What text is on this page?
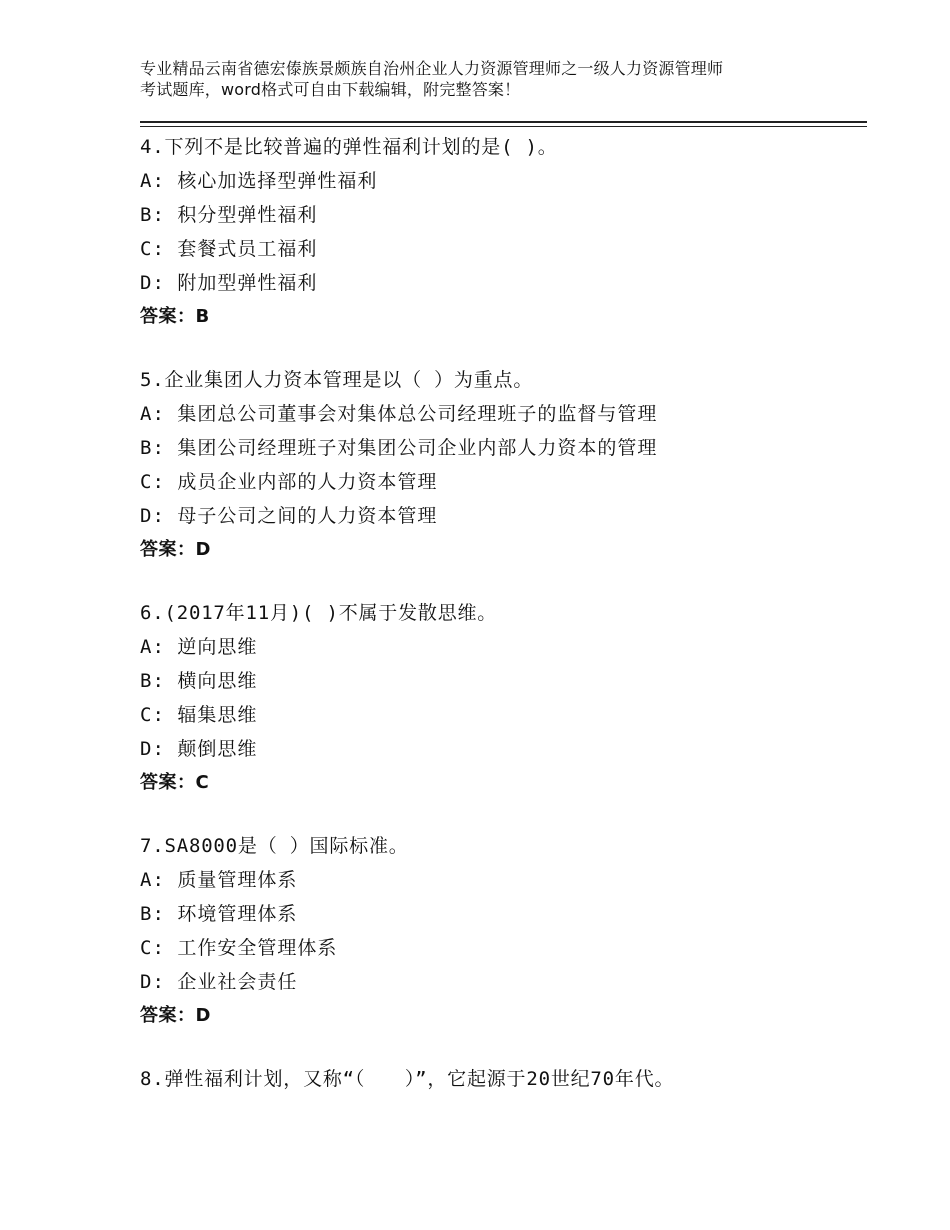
专业精品云南省德宏傣族景颇族自治州企业人力资源管理师之一级人力资源管理师
考试题库，word格式可自由下载编辑，附完整答案！
4.下列不是比较普遍的弹性福利计划的是( )。
A: 核心加选择型弹性福利
B: 积分型弹性福利
C: 套餐式员工福利
D: 附加型弹性福利
答案：B
5.企业集团人力资本管理是以（ ）为重点。
A: 集团总公司董事会对集体总公司经理班子的监督与管理
B: 集团公司经理班子对集团公司企业内部人力资本的管理
C: 成员企业内部的人力资本管理
D: 母子公司之间的人力资本管理
答案：D
6.(2017年11月)( )不属于发散思维。
A: 逆向思维
B: 横向思维
C: 辐集思维
D: 颠倒思维
答案：C
7.SA8000是（ ）国际标准。
A: 质量管理体系
B: 环境管理体系
C: 工作安全管理体系
D: 企业社会责任
答案：D
8.弹性福利计划，又称“（　　）”，它起源于20世纪70年代。
